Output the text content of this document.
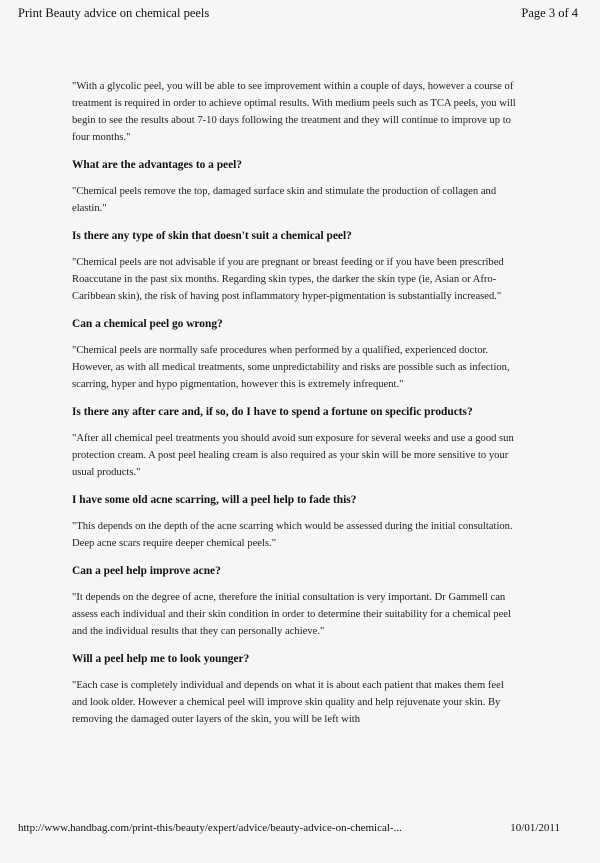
Print Beauty advice on chemical peels	Page 3 of 4

"With a glycolic peel, you will be able to see improvement within a couple of days, however a course of treatment is required in order to achieve optimal results. With medium peels such as TCA peels, you will begin to see the results about 7-10 days following the treatment and they will continue to improve up to four months."

What are the advantages to a peel?

"Chemical peels remove the top, damaged surface skin and stimulate the production of collagen and elastin."

Is there any type of skin that doesn't suit a chemical peel?

"Chemical peels are not advisable if you are pregnant or breast feeding or if you have been prescribed Roaccutane in the past six months. Regarding skin types, the darker the skin type (ie, Asian or Afro-Caribbean skin), the risk of having post inflammatory hyper-pigmentation is substantially increased."

Can a chemical peel go wrong?

"Chemical peels are normally safe procedures when performed by a qualified, experienced doctor. However, as with all medical treatments, some unpredictability and risks are possible such as infection, scarring, hyper and hypo pigmentation, however this is extremely infrequent."

Is there any after care and, if so, do I have to spend a fortune on specific products?

"After all chemical peel treatments you should avoid sun exposure for several weeks and use a good sun protection cream. A post peel healing cream is also required as your skin will be more sensitive to your usual products."

I have some old acne scarring, will a peel help to fade this?

"This depends on the depth of the acne scarring which would be assessed during the initial consultation. Deep acne scars require deeper chemical peels."

Can a peel help improve acne?

"It depends on the degree of acne, therefore the initial consultation is very important. Dr Gammell can assess each individual and their skin condition in order to determine their suitability for a chemical peel and the individual results that they can personally achieve."

Will a peel help me to look younger?

"Each case is completely individual and depends on what it is about each patient that makes them feel and look older. However a chemical peel will improve skin quality and help rejuvenate your skin. By removing the damaged outer layers of the skin, you will be left with

http://www.handbag.com/print-this/beauty/expert/advice/beauty-advice-on-chemical-...	10/01/2011
